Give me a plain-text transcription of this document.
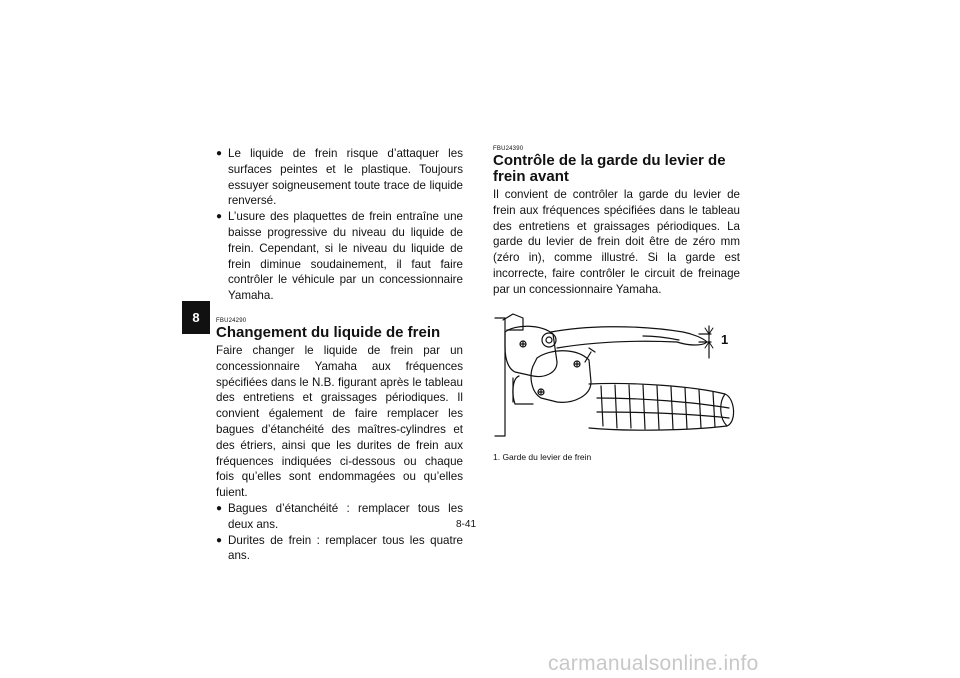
8
● Le liquide de frein risque d’attaquer les surfaces peintes et le plastique. Toujours essuyer soigneusement toute trace de liquide renversé.
● L’usure des plaquettes de frein entraîne une baisse progressive du niveau du liquide de frein. Cependant, si le niveau du liquide de frein diminue soudainement, il faut faire contrôler le véhicule par un concessionnaire Yamaha.

FBU24290

Changement du liquide de frein

Faire changer le liquide de frein par un concessionnaire Yamaha aux fréquences spécifiées dans le N.B. figurant après le tableau des entretiens et graissages périodiques. Il convient également de faire remplacer les bagues d’étanchéité des maîtres-cylindres et des étriers, ainsi que les durites de frein aux fréquences indiquées ci-dessous ou chaque fois qu’elles sont endommagées ou qu’elles fuient.

● Bagues d’étanchéité : remplacer tous les deux ans.
● Durites de frein : remplacer tous les quatre ans.

FBU24390

Contrôle de la garde du levier de frein avant

Il convient de contrôler la garde du levier de frein aux fréquences spécifiées dans le tableau des entretiens et graissages périodiques. La garde du levier de frein doit être de zéro mm (zéro in), comme illustré. Si la garde est incorrecte, faire contrôler le circuit de freinage par un concessionnaire Yamaha.

1

1. Garde du levier de frein

8-41
carmanualsonline.info
